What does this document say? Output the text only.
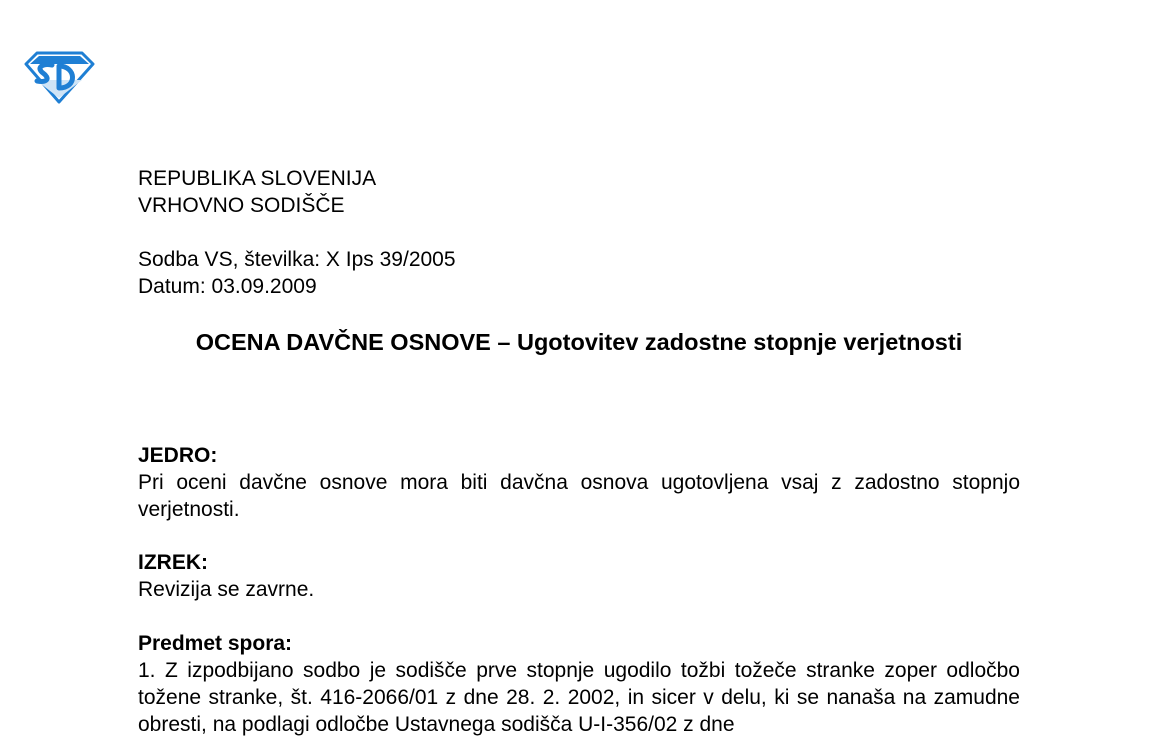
REPUBLIKA SLOVENIJA
VRHOVNO SODIŠČE
Sodba VS, številka: X Ips 39/2005
Datum: 03.09.2009
OCENA DAVČNE OSNOVE – Ugotovitev zadostne stopnje verjetnosti
JEDRO:
Pri oceni davčne osnove mora biti davčna osnova ugotovljena vsaj z zadostno stopnjo verjetnosti.
IZREK:
Revizija se zavrne.
Predmet spora:
1. Z izpodbijano sodbo je sodišče prve stopnje ugodilo tožbi tožeče stranke zoper odločbo tožene stranke, št. 416-2066/01 z dne 28. 2. 2002, in sicer v delu, ki se nanaša na zamudne obresti, na podlagi odločbe Ustavnega sodišča U-I-356/02 z dne
